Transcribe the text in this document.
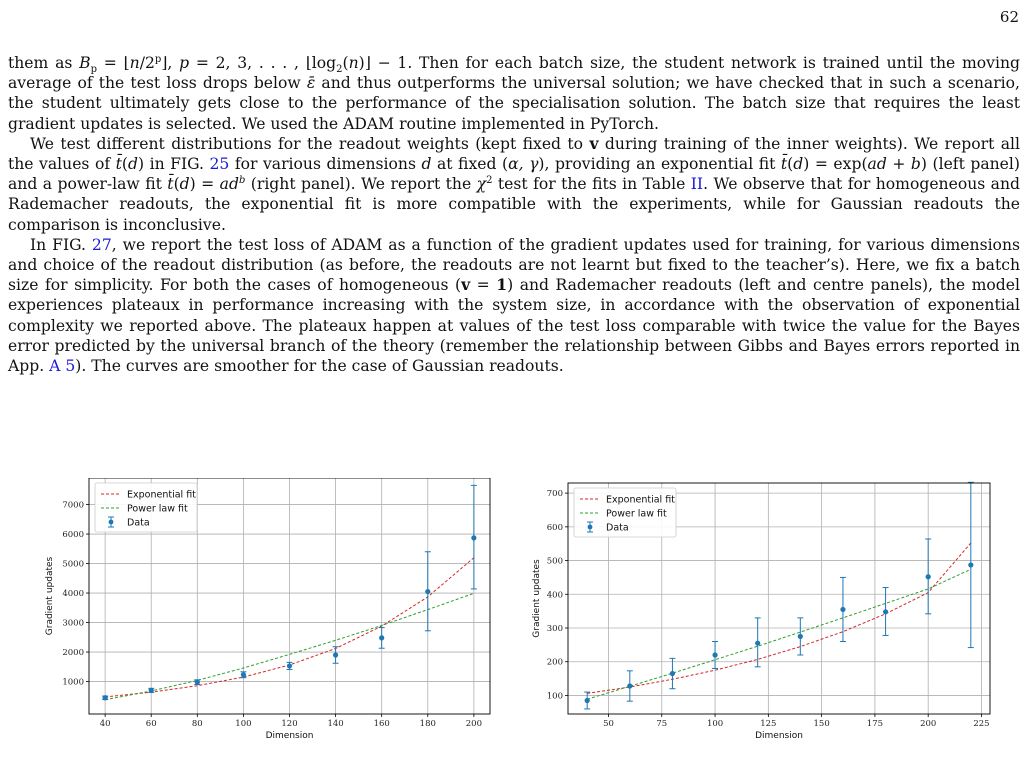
62

them as $B_p$ = $⌊n/2^p⌋$, p = 2, 3, . . . , $⌊\log_2(n)⌋ - 1$. Then for each batch size, the student network is trained until the moving average of the test loss drops below ε̄ and thus outperforms the universal solution; we have checked that in such a scenario, the student ultimately gets close to the performance of the specialisation solution. The batch size that requires the least gradient updates is selected. We used the ADAM routine implemented in PyTorch.

We test different distributions for the readout weights (kept fixed to v during training of the inner weights). We report all the values of t̄(d) in FIG. 25 for various dimensions d at fixed (α, γ), providing an exponential fit t̄(d) = exp(ad + b) (left panel) and a power-law fit t̄(d) = $ad^b$ (right panel). We report the $\chi^2$ test for the fits in Table II. We observe that for homogeneous and Rademacher readouts, the exponential fit is more compatible with the experiments, while for Gaussian readouts the comparison is inconclusive.

In FIG. 27, we report the test loss of ADAM as a function of the gradient updates used for training, for various dimensions and choice of the readout distribution (as before, the readouts are not learnt but fixed to the teacher’s). Here, we fix a batch size for simplicity. For both the cases of homogeneous (v = 1) and Rademacher readouts (left and centre panels), the model experiences plateaux in performance increasing with the system size, in accordance with the observation of exponential complexity we reported above. The plateaux happen at values of the test loss comparable with twice the value for the Bayes error predicted by the universal branch of the theory (remember the relationship between Gibbs and Bayes errors reported in App. A 5). The curves are smoother for the case of Gaussian readouts.

40	60	80	100	120	140	160	180	200
1000
2000
3000
4000
5000
6000
7000
Dimension
Gradient updates
Exponential fit
Power law fit
Data
50	75	100	125	150	175	200	225
100
200
300
400
500
600
700
Dimension
Gradient updates
Exponential fit
Power law fit
Data
